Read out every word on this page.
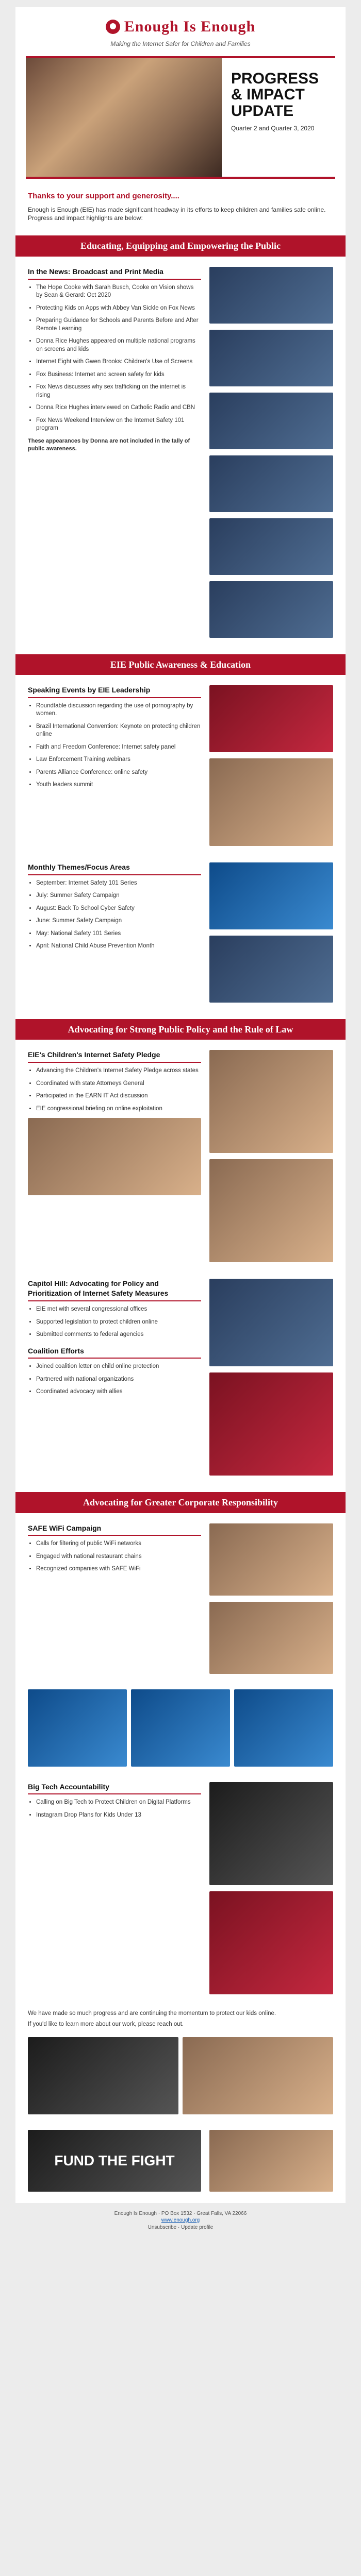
Enough Is Enough
Making the Internet Safer for Children and Families
PROGRESS & IMPACT UPDATE
Quarter 2 and Quarter 3, 2020
Thanks to your support and generosity....

Enough is Enough (EIE) has made significant headway in its efforts to keep children and families safe online. Progress and impact highlights are below:

Educating, Equipping and Empowering the Public
In the News: Broadcast and Print Media
• The Hope Cooke with Sarah Busch, Cooke on Vision shows by Sean & Gerard: Oct 2020
• Protecting Kids on Apps with Abbey Van Sickle on Fox News
• Preparing Guidance for Schools and Parents Before and After Remote Learning
• Donna Rice Hughes appeared on multiple national programs on screens and kids
• Internet Eight with Gwen Brooks: Children's Use of Screens
• Fox Business: Internet and screen safety for kids
• Fox News discusses why sex trafficking on the internet is rising
• Donna Rice Hughes interviewed on Catholic Radio and CBN
• Fox News Weekend Interview on the Internet Safety 101 program

These appearances by Donna are not included in the tally of public awareness.

EIE Public Awareness & Education
Speaking Events by EIE Leadership
• Roundtable discussion regarding the use of pornography by women.
• Brazil International Convention: Keynote on protecting children online
• Faith and Freedom Conference: Internet safety panel
• Law Enforcement Training webinars
• Parents Alliance Conference: online safety
• Youth leaders summit
Monthly Themes/Focus Areas
• September: Internet Safety 101 Series
• July: Summer Safety Campaign
• August: Back To School Cyber Safety
• June: Summer Safety Campaign
• May: National Safety 101 Series
• April: National Child Abuse Prevention Month
Advocating for Strong Public Policy and the Rule of Law
EIE's Children's Internet Safety Pledge
• Advancing the Children's Internet Safety Pledge across states
• Coordinated with state Attorneys General
• Participated in the EARN IT Act discussion
• EIE congressional briefing on online exploitation
Capitol Hill: Advocating for Policy and Prioritization of Internet Safety Measures
• EIE met with several congressional offices
• Supported legislation to protect children online
• Submitted comments to federal agencies
Coalition Efforts
• Joined coalition letter on child online protection
• Partnered with national organizations
• Coordinated advocacy with allies
Advocating for Greater Corporate Responsibility
SAFE WiFi Campaign
• Calls for filtering of public WiFi networks
• Engaged with national restaurant chains
• Recognized companies with SAFE WiFi
Big Tech Accountability
• Calling on Big Tech to Protect Children on Digital Platforms
• Instagram Drop Plans for Kids Under 13

We have made so much progress and are continuing the momentum to protect our kids online.

If you'd like to learn more about our work, please reach out.

FUND THE FIGHT
Enough Is Enough · PO Box 1532 · Great Falls, VA 22066
www.enough.org
Unsubscribe · Update profile
